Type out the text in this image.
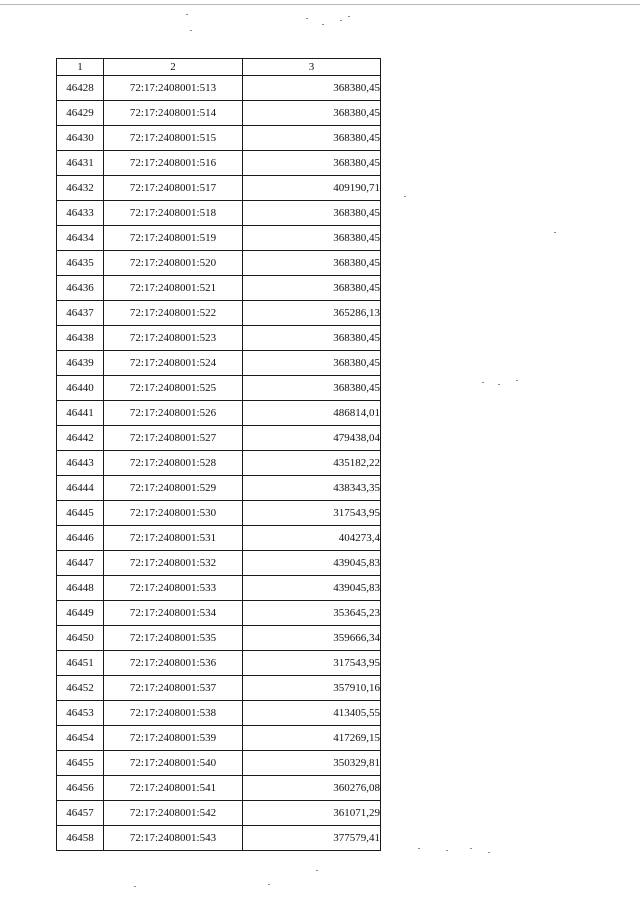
1	2	3
46428	72:17:2408001:513	368380,45
46429	72:17:2408001:514	368380,45
46430	72:17:2408001:515	368380,45
46431	72:17:2408001:516	368380,45
46432	72:17:2408001:517	409190,71
46433	72:17:2408001:518	368380,45
46434	72:17:2408001:519	368380,45
46435	72:17:2408001:520	368380,45
46436	72:17:2408001:521	368380,45
46437	72:17:2408001:522	365286,13
46438	72:17:2408001:523	368380,45
46439	72:17:2408001:524	368380,45
46440	72:17:2408001:525	368380,45
46441	72:17:2408001:526	486814,01
46442	72:17:2408001:527	479438,04
46443	72:17:2408001:528	435182,22
46444	72:17:2408001:529	438343,35
46445	72:17:2408001:530	317543,95
46446	72:17:2408001:531	404273,4
46447	72:17:2408001:532	439045,83
46448	72:17:2408001:533	439045,83
46449	72:17:2408001:534	353645,23
46450	72:17:2408001:535	359666,34
46451	72:17:2408001:536	317543,95
46452	72:17:2408001:537	357910,16
46453	72:17:2408001:538	413405,55
46454	72:17:2408001:539	417269,15
46455	72:17:2408001:540	350329,81
46456	72:17:2408001:541	360276,08
46457	72:17:2408001:542	361071,29
46458	72:17:2408001:543	377579,41
